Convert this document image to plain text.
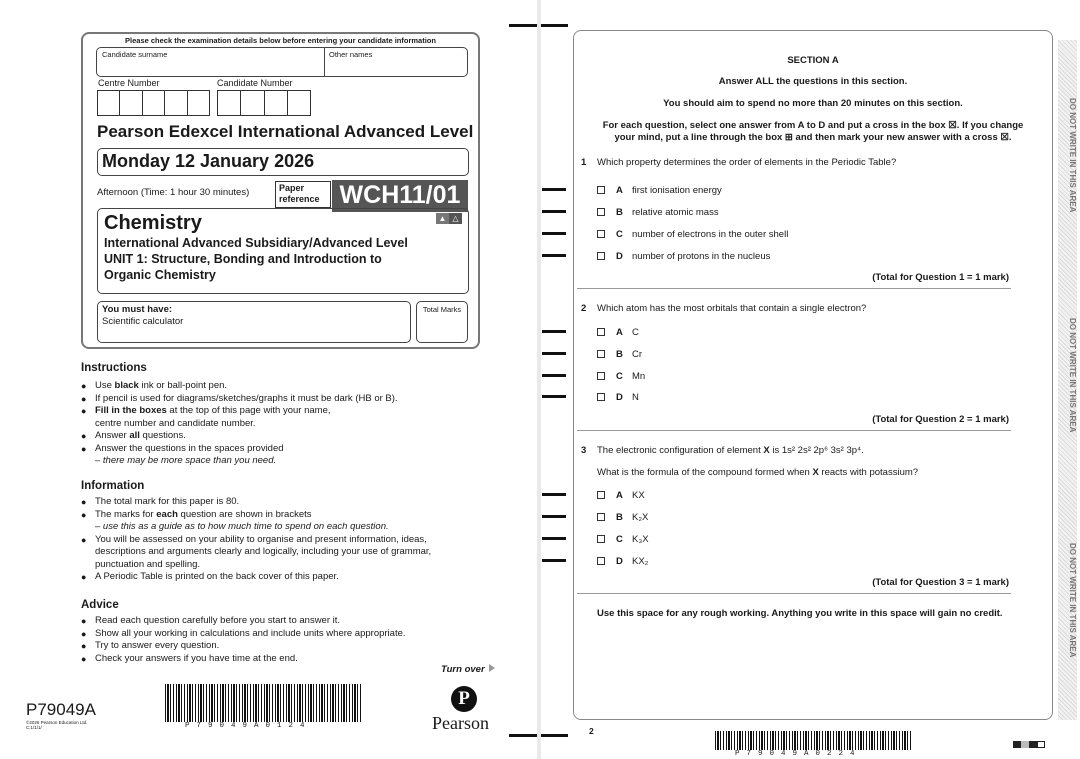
Please check the examination details below before entering your candidate information
Candidate surname	Other names
Centre Number	Candidate Number
Pearson Edexcel International Advanced Level
Monday 12 January 2026
Afternoon (Time: 1 hour 30 minutes)	Paper reference WCH11/01
▲ △
Chemistry
International Advanced Subsidiary/Advanced Level
UNIT 1: Structure, Bonding and Introduction to
Organic Chemistry
You must have:
Scientific calculator
Total Marks
Instructions
● Use black ink or ball-point pen.
● If pencil is used for diagrams/sketches/graphs it must be dark (HB or B).
● Fill in the boxes at the top of this page with your name,
centre number and candidate number.
● Answer all questions.
● Answer the questions in the spaces provided
– there may be more space than you need.
Information
● The total mark for this paper is 80.
● The marks for each question are shown in brackets
– use this as a guide as to how much time to spend on each question.
● You will be assessed on your ability to organise and present information, ideas,
descriptions and arguments clearly and logically, including your use of grammar,
punctuation and spelling.
● A Periodic Table is printed on the back cover of this paper.
Advice
● Read each question carefully before you start to answer it.
● Show all your working in calculations and include units where appropriate.
● Try to answer every question.
● Check your answers if you have time at the end.
Turn over
P79049A
©2026 Pearson Education Ltd.
C:1/1/1/	P79049A0124
P
Pearson
SECTION A
Answer ALL the questions in this section.
You should aim to spend no more than 20 minutes on this section.
For each question, select one answer from A to D and put a cross in the box ☒. If you change
your mind, put a line through the box ⊞ and then mark your new answer with a cross ☒.
1 Which property determines the order of elements in the Periodic Table?
A first ionisation energy
B relative atomic mass
C number of electrons in the outer shell
D number of protons in the nucleus
(Total for Question 1 = 1 mark)
2 Which atom has the most orbitals that contain a single electron?
A C
B Cr
C Mn
D N
(Total for Question 2 = 1 mark)
3 The electronic configuration of element X is 1s² 2s² 2p⁶ 3s² 3p⁴.
What is the formula of the compound formed when X reacts with potassium?
A KX
B K₂X
C K₃X
D KX₂
(Total for Question 3 = 1 mark)
Use this space for any rough working. Anything you write in this space will gain no credit.
DO NOT WRITE IN THIS AREA
DO NOT WRITE IN THIS AREA
DO NOT WRITE IN THIS AREA
2
P79049A0224
